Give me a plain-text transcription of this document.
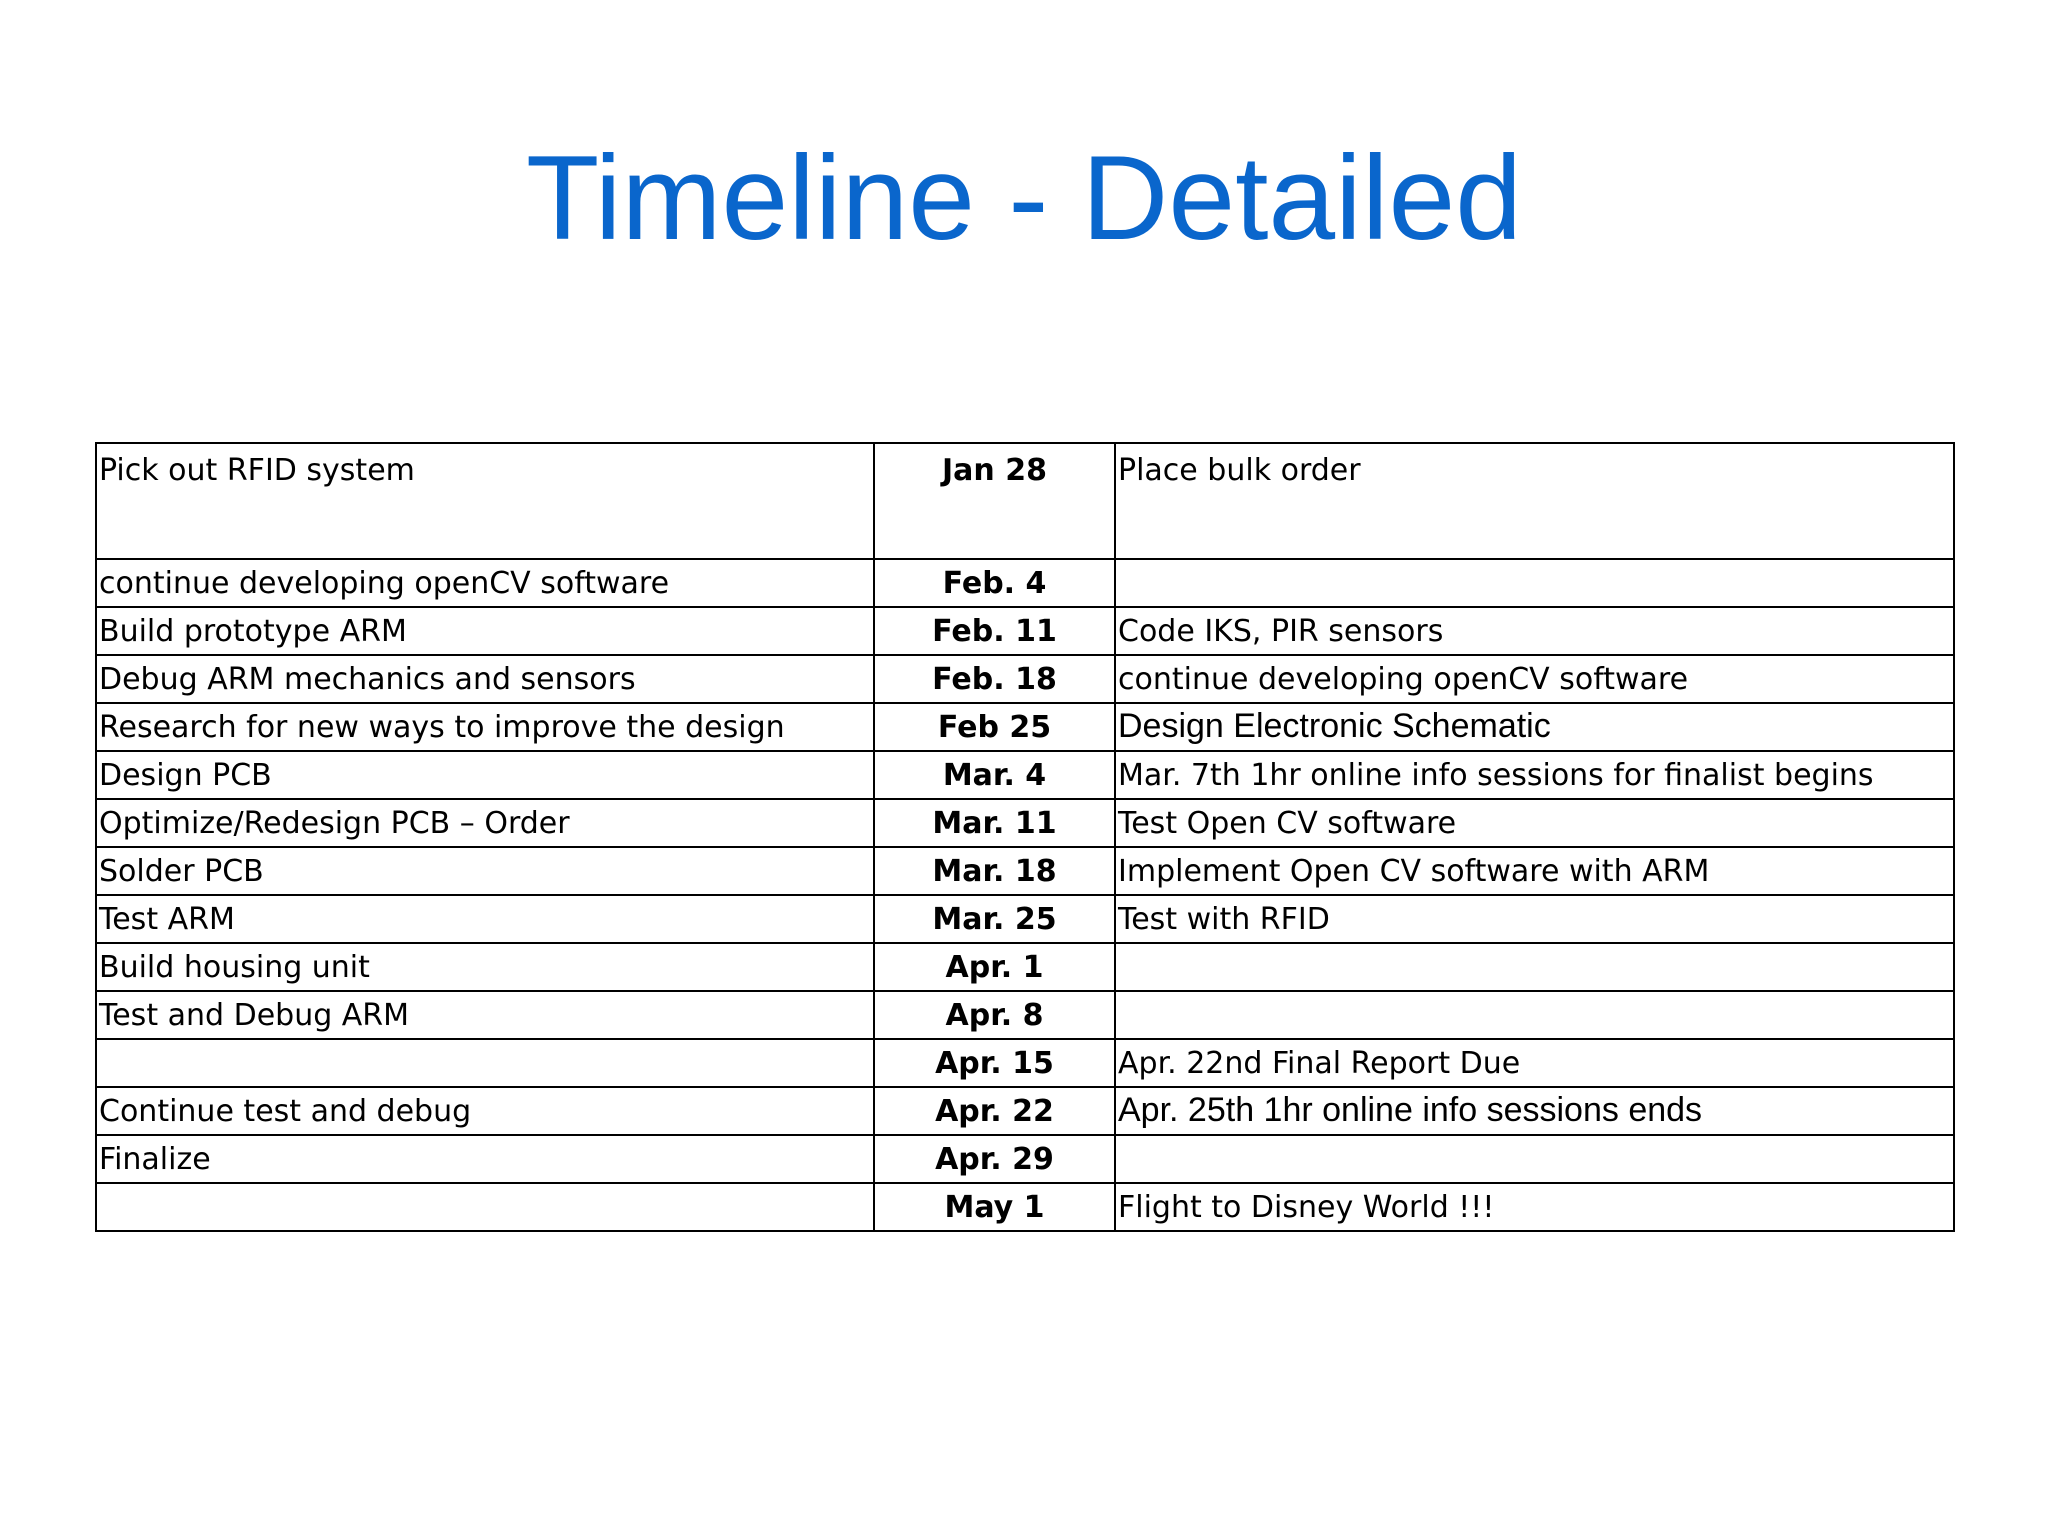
Timeline - Detailed
Pick out RFID system	Jan 28	Place bulk order
continue developing openCV software	Feb. 4	
Build prototype ARM	Feb. 11	Code IKS, PIR sensors
Debug ARM mechanics and sensors	Feb. 18	continue developing openCV software
Research for new ways to improve the design	Feb 25	Design Electronic Schematic
Design PCB	Mar. 4	Mar. 7th 1hr online info sessions for finalist begins
Optimize/Redesign PCB – Order	Mar. 11	Test Open CV software
Solder PCB	Mar. 18	Implement Open CV software with ARM
Test ARM	Mar. 25	Test with RFID
Build housing unit	Apr. 1	
Test and Debug ARM	Apr. 8	
	Apr. 15	Apr. 22nd Final Report Due
Continue test and debug	Apr. 22	Apr. 25th 1hr online info sessions ends
Finalize	Apr. 29	
	May 1	Flight to Disney World !!!
